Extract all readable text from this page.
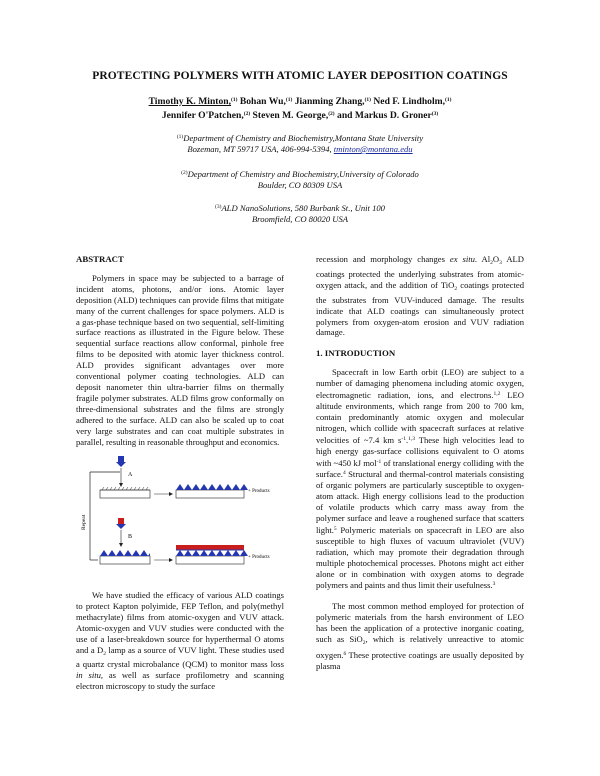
PROTECTING POLYMERS WITH ATOMIC LAYER DEPOSITION COATINGS
Timothy K. Minton,$^{(1)}$ Bohan Wu,$^{(1)}$ Jianming Zhang,$^{(1)}$ Ned F. Lindholm,$^{(1)}$
Jennifer O'Patchen,$^{(2)}$ Steven M. George,$^{(2)}$ and Markus D. Groner$^{(3)}$
$^{(1)}$Department of Chemistry and Biochemistry,Montana State University
Bozeman, MT 59717 USA, 406-994-5394, tminton@montana.edu
$^{(2)}$Department of Chemistry and Biochemistry,University of Colorado
Boulder, CO 80309 USA
$^{(3)}$ALD NanoSolutions, 580 Burbank St., Unit 100
Broomfield, CO 80020 USA
ABSTRACT

Polymers in space may be subjected to a barrage of incident atoms, photons, and/or ions. Atomic layer deposition (ALD) techniques can provide films that mitigate many of the current challenges for space polymers. ALD is a gas-phase technique based on two sequential, self-limiting surface reactions as illustrated in the Figure below. These sequential surface reactions allow conformal, pinhole free films to be deposited with atomic layer thickness control. ALD provides significant advantages over more conventional polymer coating technologies. ALD can deposit nanometer thin ultra-barrier films on thermally fragile polymer substrates. ALD films grow conformally on three-dimensional substrates and the films are strongly adhered to the surface. ALD can also be scaled up to coat very large substrates and can coat multiple substrates in parallel, resulting in reasonable throughput and economics.

Repeat
A
+ Products
B
+ Products

We have studied the efficacy of various ALD coatings to protect Kapton polyimide, FEP Teflon, and poly(methyl methacrylate) films from atomic-oxygen and VUV attack. Atomic-oxygen and VUV studies were conducted with the use of a laser-breakdown source for hyperthermal O atoms and a $D_2$ lamp as a source of VUV light. These studies used a quartz crystal microbalance (QCM) to monitor mass loss in situ, as well as surface profilometry and scanning electron microscopy to study the surface

recession and morphology changes ex situ. $Al_2O_3$ ALD coatings protected the underlying substrates from atomic-oxygen attack, and the addition of TiO$_2$ coatings protected the substrates from VUV-induced damage. The results indicate that ALD coatings can simultaneously protect polymers from oxygen-atom erosion and VUV radiation damage.

1. INTRODUCTION

Spacecraft in low Earth orbit (LEO) are subject to a number of damaging phenomena including atomic oxygen, electromagnetic radiation, ions, and electrons.$^{1,2}$ LEO altitude environments, which range from 200 to 700 km, contain predominantly atomic oxygen and molecular nitrogen, which collide with spacecraft surfaces at relative velocities of ~7.4 km $s^{-1}.^{1,3}$ These high velocities lead to high energy gas-surface collisions equivalent to O atoms with ~450 kJ mol$^{-1}$ of translational energy colliding with the surface.$^4$ Structural and thermal-control materials consisting of organic polymers are particularly susceptible to oxygen-atom attack. High energy collisions lead to the production of volatile products which carry mass away from the polymer surface and leave a roughened surface that scatters light.$^5$ Polymeric materials on spacecraft in LEO are also susceptible to high fluxes of vacuum ultraviolet (VUV) radiation, which may promote their degradation through multiple photochemical processes. Photons might act either alone or in combination with oxygen atoms to degrade polymers and paints and thus limit their usefulness.$^3$

The most common method employed for protection of polymeric materials from the harsh environment of LEO has been the application of a protective inorganic coating, such as SiO$_2$, which is relatively unreactive to atomic oxygen.$^6$ These protective coatings are usually deposited by plasma
